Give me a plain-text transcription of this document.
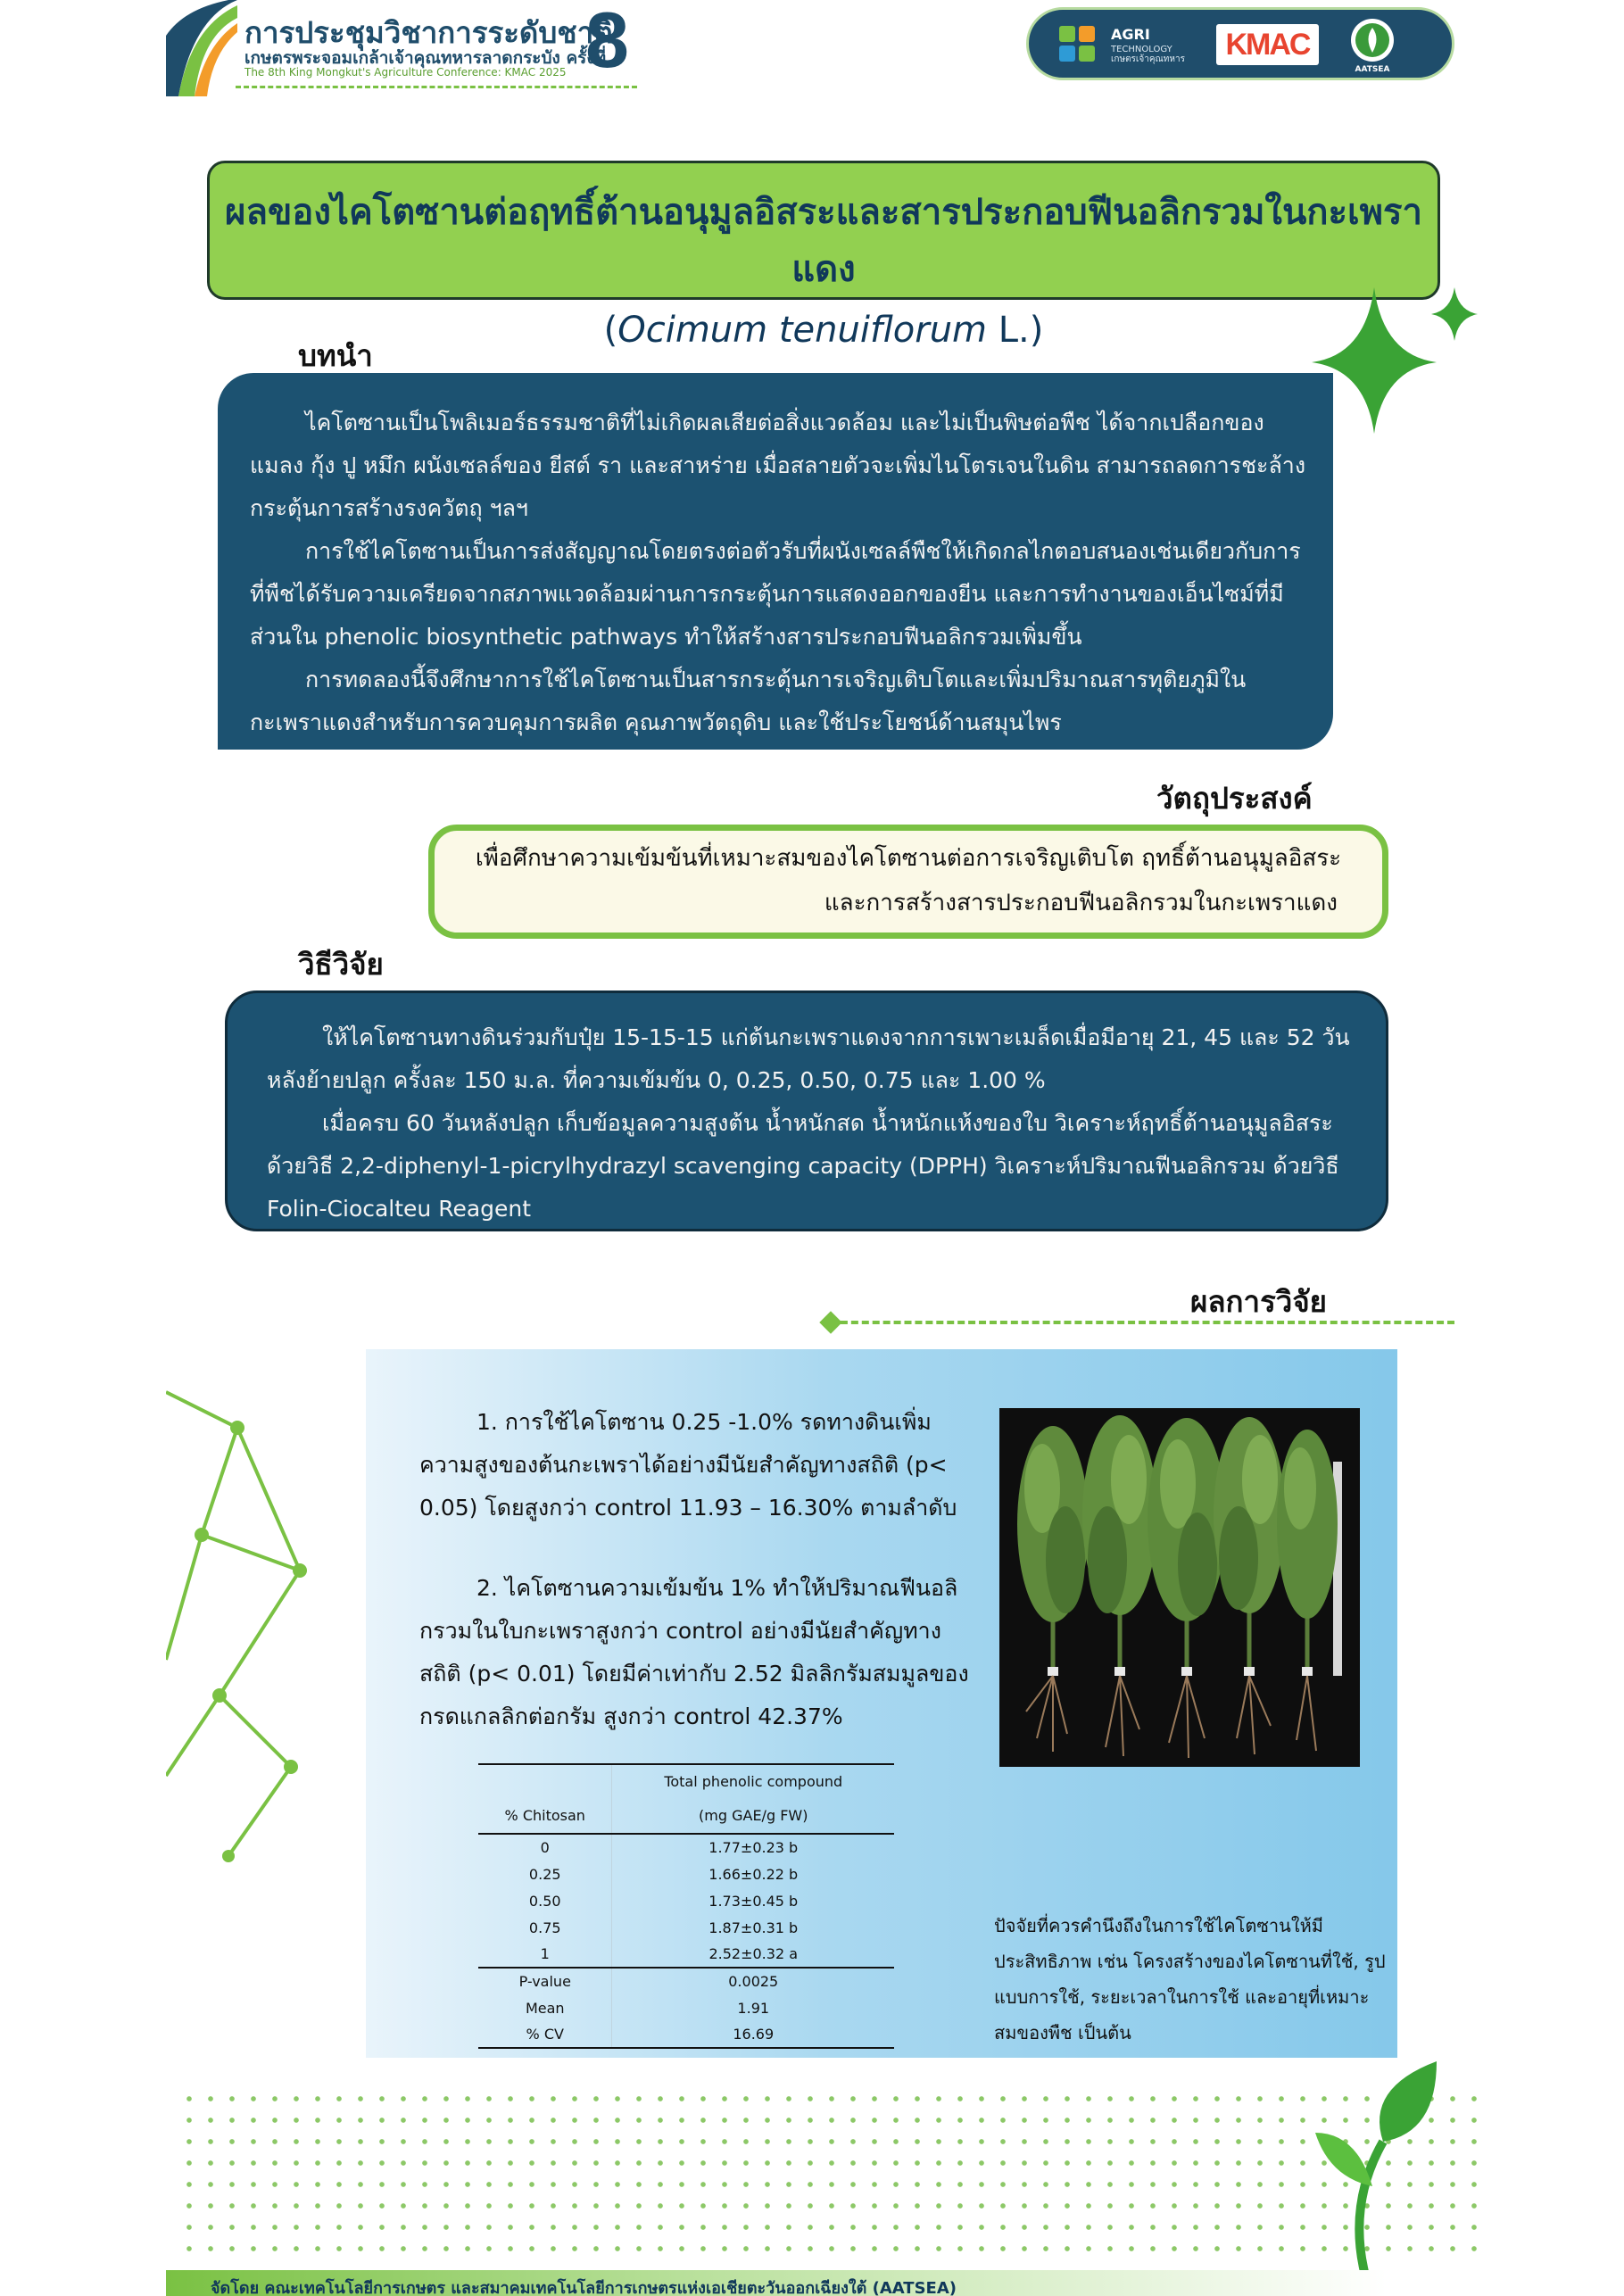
การประชุมวิชาการระดับชาติ
เกษตรพระจอมเกล้าเจ้าคุณทหารลาดกระบัง ครั้งที่
The 8th King Mongkut's Agriculture Conference: KMAC 2025 8	AGRI
TECHNOLOGY
เกษตรเจ้าคุณทหาร	KMAC
AATSEA
ผลของไคโตซานต่อฤทธิ์ต้านอนุมูลอิสระและสารประกอบฟีนอลิกรวมในกะเพราแดง
(Ocimum tenuiflorum L.)
บทนำ

ไคโตซานเป็นโพลิเมอร์ธรรมชาติที่ไม่เกิดผลเสียต่อสิ่งแวดล้อม และไม่เป็นพิษต่อพืช ได้จากเปลือกของแมลง กุ้ง ปู หมึก ผนังเซลล์ของ ยีสต์ รา และสาหร่าย เมื่อสลายตัวจะเพิ่มไนโตรเจนในดิน สามารถลดการชะล้าง กระตุ้นการสร้างรงควัตถุ ฯลฯ

การใช้ไคโตซานเป็นการส่งสัญญาณโดยตรงต่อตัวรับที่ผนังเซลล์พืชให้เกิดกลไกตอบสนองเช่นเดียวกับการที่พืชได้รับความเครียดจากสภาพแวดล้อมผ่านการกระตุ้นการแสดงออกของยีน และการทำงานของเอ็นไซม์ที่มีส่วนใน phenolic biosynthetic pathways ทำให้สร้างสารประกอบฟีนอลิกรวมเพิ่มขึ้น

การทดลองนี้จึงศึกษาการใช้ไคโตซานเป็นสารกระตุ้นการเจริญเติบโตและเพิ่มปริมาณสารทุติยภูมิในกะเพราแดงสำหรับการควบคุมการผลิต คุณภาพวัตถุดิบ และใช้ประโยชน์ด้านสมุนไพร

วัตถุประสงค์
เพื่อศึกษาความเข้มข้นที่เหมาะสมของไคโตซานต่อการเจริญเติบโต ฤทธิ์ต้านอนุมูลอิสระ
และการสร้างสารประกอบฟีนอลิกรวมในกะเพราแดง
วิธีวิจัย

ให้ไคโตซานทางดินร่วมกับปุ๋ย 15-15-15 แก่ต้นกะเพราแดงจากการเพาะเมล็ดเมื่อมีอายุ 21, 45 และ 52 วันหลังย้ายปลูก ครั้งละ 150 ม.ล. ที่ความเข้มข้น 0, 0.25, 0.50, 0.75 และ 1.00 %

เมื่อครบ 60 วันหลังปลูก เก็บข้อมูลความสูงต้น น้ำหนักสด น้ำหนักแห้งของใบ วิเคราะห์ฤทธิ์ต้านอนุมูลอิสระด้วยวิธี 2,2-diphenyl-1-picrylhydrazyl scavenging capacity (DPPH) วิเคราะห์ปริมาณฟีนอลิกรวม ด้วยวิธี Folin-Ciocalteu Reagent

ผลการวิจัย

1. การใช้ไคโตซาน 0.25 -1.0% รดทางดินเพิ่มความสูงของต้นกะเพราได้อย่างมีนัยสำคัญทางสถิติ (p< 0.05) โดยสูงกว่า control 11.93 – 16.30% ตามลำดับ

2. ไคโตซานความเข้มข้น 1% ทำให้ปริมาณฟีนอลิกรวมในใบกะเพราสูงกว่า control อย่างมีนัยสำคัญทางสถิติ (p< 0.01) โดยมีค่าเท่ากับ 2.52 มิลลิกรัมสมมูลของกรดแกลลิกต่อกรัม สูงกว่า control 42.37%

	Total phenolic compound
% Chitosan	(mg GAE/g FW)
0	1.77±0.23 b
0.25	1.66±0.22 b
0.50	1.73±0.45 b
0.75	1.87±0.31 b
1	2.52±0.32 a
P-value	0.0025
Mean	1.91
% CV	16.69
ปัจจัยที่ควรคำนึงถึงในการใช้ไคโตซานให้มีประสิทธิภาพ เช่น โครงสร้างของไคโตซานที่ใช้, รูปแบบการใช้, ระยะเวลาในการใช้ และอายุที่เหมาะสมของพืช เป็นต้น
จัดโดย คณะเทคโนโลยีการเกษตร และสมาคมเทคโนโลยีการเกษตรแห่งเอเชียตะวันออกเฉียงใต้ (AATSEA)
